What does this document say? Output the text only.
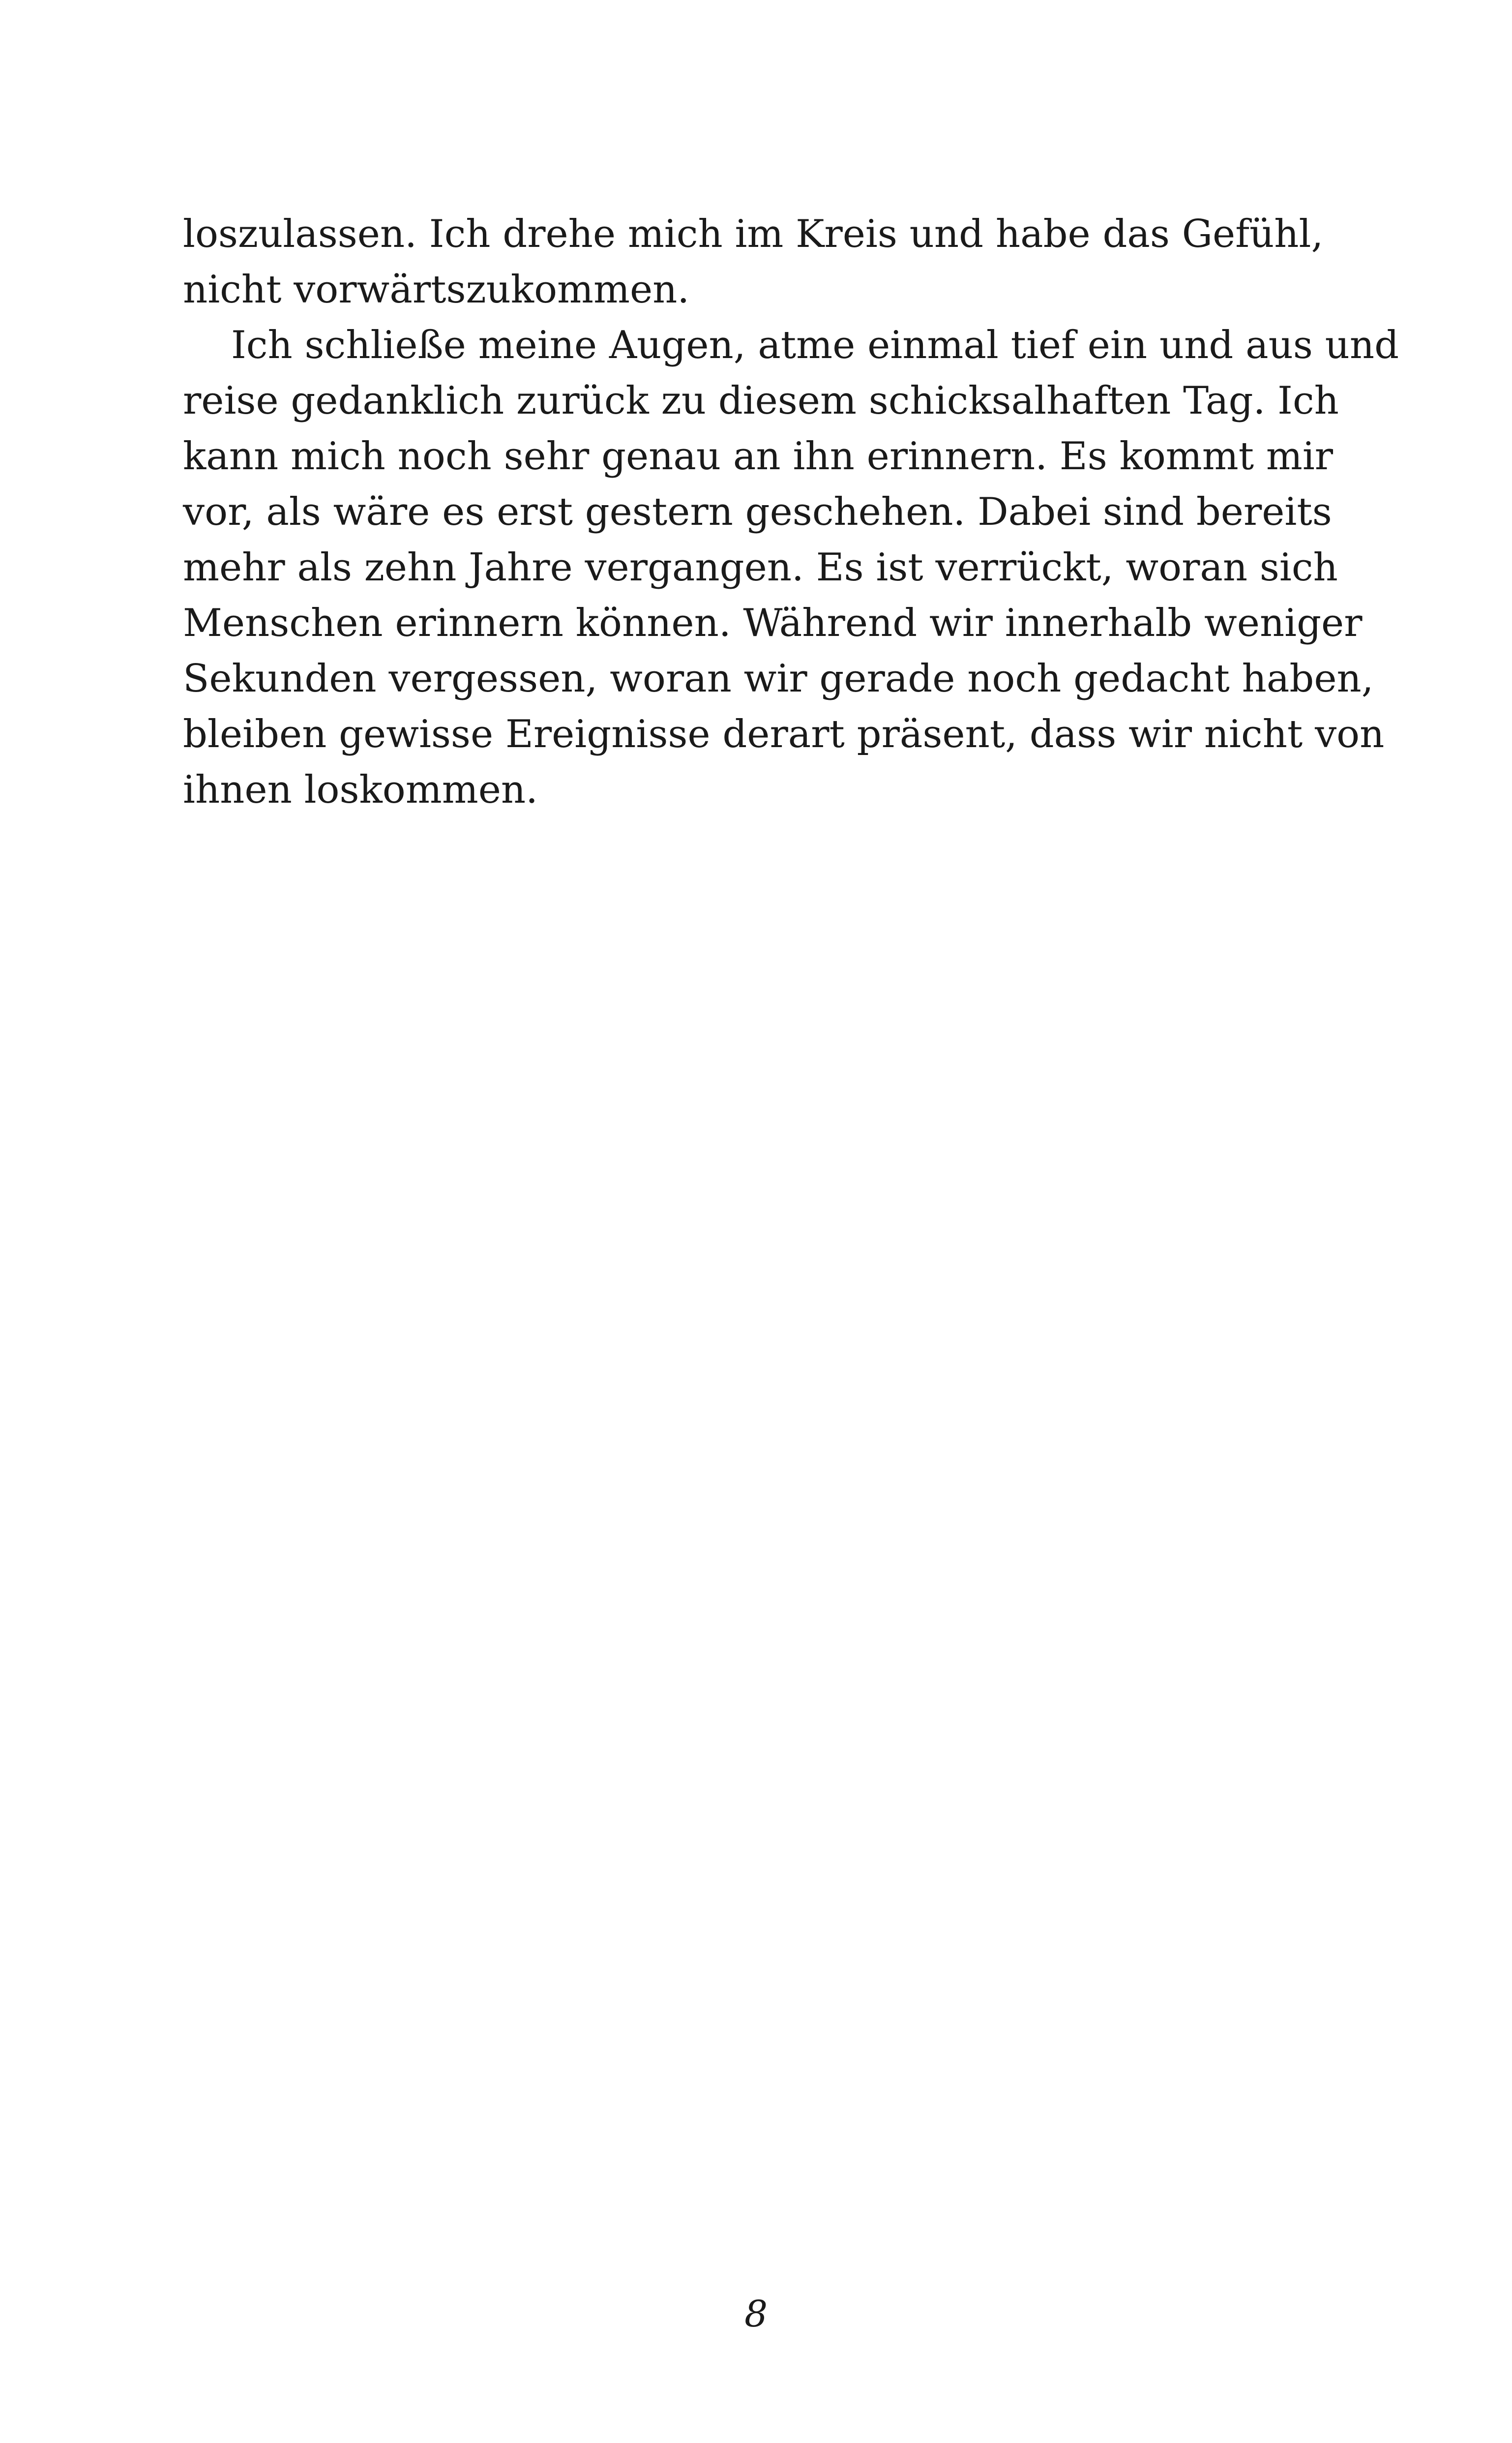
loszulassen. Ich drehe mich im Kreis und habe das Gefühl,
nicht vorwärtszukommen.
Ich schließe meine Augen, atme einmal tief ein und aus und
reise gedanklich zurück zu diesem schicksalhaften Tag. Ich
kann mich noch sehr genau an ihn erinnern. Es kommt mir
vor, als wäre es erst gestern geschehen. Dabei sind bereits
mehr als zehn Jahre vergangen. Es ist verrückt, woran sich
Menschen erinnern können. Während wir innerhalb weniger
Sekunden vergessen, woran wir gerade noch gedacht haben,
bleiben gewisse Ereignisse derart präsent, dass wir nicht von
ihnen loskommen.
8
